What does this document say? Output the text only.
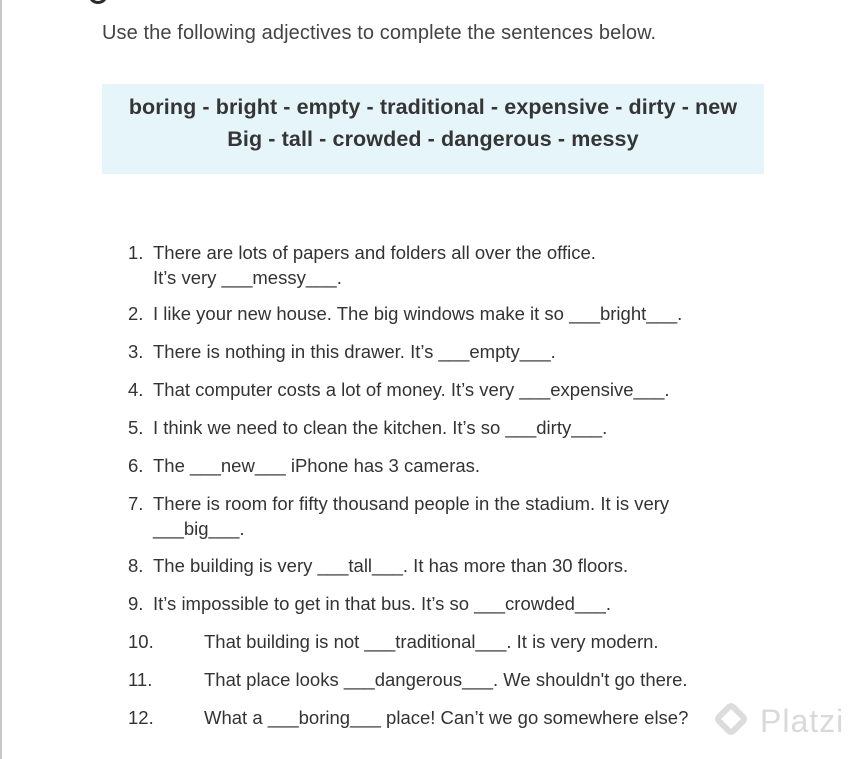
Use the following adjectives to complete the sentences below.
boring - bright - empty - traditional - expensive - dirty - new
Big - tall - crowded - dangerous - messy
1. There are lots of papers and folders all over the office.
It’s very ___messy___.
2. I like your new house. The big windows make it so ___bright___.
3. There is nothing in this drawer. It’s ___empty___.
4. That computer costs a lot of money. It’s very ___expensive___.
5. I think we need to clean the kitchen. It’s so ___dirty___.
6. The ___new___ iPhone has 3 cameras.
7. There is room for fifty thousand people in the stadium. It is very
___big___.
8. The building is very ___tall___. It has more than 30 floors.
9. It’s impossible to get in that bus. It’s so ___crowded___.
10.	That building is not ___traditional___. It is very modern.
11.	That place looks ___dangerous___. We shouldn't go there.
12.	What a ___boring___ place! Can’t we go somewhere else? Platzi
